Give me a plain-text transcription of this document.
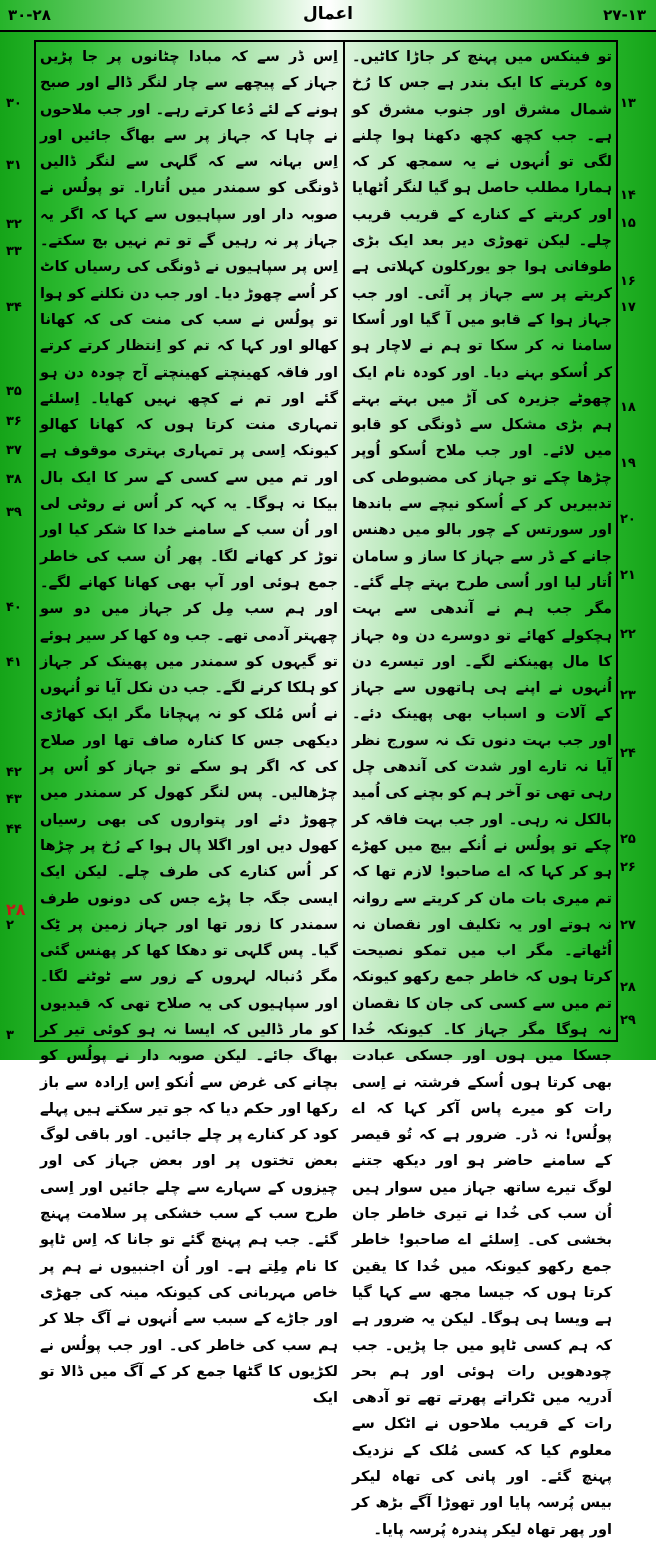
۳۰-۲۸	اعمال	۲۷-۱۳

اِس ڈر سے کہ مبادا چٹانوں پر جا پڑیں جہاز کے پیچھے سے چار لنگر ڈالے اور صبح ہونے کے لئے دُعا کرتے رہے۔ اور جب ملاحوں نے چاہا کہ جہاز پر سے بھاگ جائیں اور اِس بہانہ سے کہ گلہی سے لنگر ڈالیں ڈونگی کو سمندر میں اُتارا۔ تو پولُس نے صوبہ دار اور سپاہیوں سے کہا کہ اگر یہ جہاز پر نہ رہیں گے تو تم نہیں بچ سکتے۔ اِس پر سپاہیوں نے ڈونگی کی رسیاں کاٹ کر اُسے چھوڑ دیا۔ اور جب دن نکلنے کو ہوا تو پولُس نے سب کی منت کی کہ کھانا کھالو اور کہا کہ تم کو اِنتظار کرتے کرتے اور فاقہ کھینچتے کھینچتے آج چودہ دن ہو گئے اور تم نے کچھ نہیں کھایا۔ اِسلئے تمہاری منت کرتا ہوں کہ کھانا کھالو کیونکہ اِسی پر تمہاری بہتری موقوف ہے اور تم میں سے کسی کے سر کا ایک بال بیکا نہ ہوگا۔ یہ کہہ کر اُس نے روٹی لی اور اُن سب کے سامنے خدا کا شکر کیا اور توڑ کر کھانے لگا۔ پھر اُن سب کی خاطر جمع ہوئی اور آپ بھی کھانا کھانے لگے۔ اور ہم سب مِل کر جہاز میں دو سو چھہتر آدمی تھے۔ جب وہ کھا کر سیر ہوئے تو گیہوں کو سمندر میں پھینک کر جہاز کو ہلکا کرنے لگے۔ جب دن نکل آیا تو اُنہوں نے اُس مُلک کو نہ پہچانا مگر ایک کھاڑی دیکھی جس کا کنارہ صاف تھا اور صلاح کی کہ اگر ہو سکے تو جہاز کو اُس پر چڑھالیں۔ پس لنگر کھول کر سمندر میں چھوڑ دئے اور پتواروں کی بھی رسیاں کھول دیں اور اگلا پال ہوا کے رُخ پر چڑھا کر اُس کنارے کی طرف چلے۔ لیکن ایک ایسی جگہ جا پڑے جس کی دونوں طرف سمندر کا زور تھا اور جہاز زمین پر ٹِک گیا۔ پس گلہی تو دھکا کھا کر پھنس گئی مگر دُنبالہ لہروں کے زور سے ٹوٹنے لگا۔ اور سپاہیوں کی یہ صلاح تھی کہ قیدیوں کو مار ڈالیں کہ ایسا نہ ہو کوئی تیر کر بھاگ جائے۔ لیکن صوبہ دار نے پولُس کو بچانے کی غرض سے اُنکو اِس اِرادہ سے باز رکھا اور حکم دیا کہ جو تیر سکتے ہیں پہلے کود کر کنارے پر چلے جائیں۔ اور باقی لوگ بعض تختوں پر اور بعض جہاز کی اور چیزوں کے سہارے سے چلے جائیں اور اِسی طرح سب کے سب خشکی پر سلامت پہنچ گئے۔ جب ہم پہنچ گئے تو جانا کہ اِس ٹاپو کا نام مِلِتے ہے۔ اور اُن اجنبیوں نے ہم پر خاص مہربانی کی کیونکہ مینہ کی جھڑی اور جاڑے کے سبب سے اُنہوں نے آگ جلا کر ہم سب کی خاطر کی۔ اور جب پولُس نے لکڑیوں کا گٹھا جمع کر کے آگ میں ڈالا تو ایک

تو فینکس میں پہنچ کر جاڑا کاٹیں۔ وہ کریتے کا ایک بندر ہے جس کا رُخ شمال مشرق اور جنوب مشرق کو ہے۔ جب کچھ کچھ دکھنا ہوا چلنے لگی تو اُنہوں نے یہ سمجھ کر کہ ہمارا مطلب حاصل ہو گیا لنگر اُٹھایا اور کریتے کے کنارے کے قریب قریب چلے۔ لیکن تھوڑی دیر بعد ایک بڑی طوفانی ہوا جو یورکلون کہلاتی ہے کریتے پر سے جہاز پر آئی۔ اور جب جہاز ہوا کے قابو میں آ گیا اور اُسکا سامنا نہ کر سکا تو ہم نے لاچار ہو کر اُسکو بہنے دیا۔ اور کودہ نام ایک چھوٹے جزیرہ کی آڑ میں بہتے بہتے ہم بڑی مشکل سے ڈونگی کو قابو میں لائے۔ اور جب ملاح اُسکو اُوپر چڑھا چکے تو جہاز کی مضبوطی کی تدبیریں کر کے اُسکو نیچے سے باندھا اور سورتس کے چور بالو میں دھنس جانے کے ڈر سے جہاز کا ساز و سامان اُتار لیا اور اُسی طرح بہتے چلے گئے۔ مگر جب ہم نے آندھی سے بہت ہچکولے کھائے تو دوسرے دن وہ جہاز کا مال پھینکنے لگے۔ اور تیسرے دن اُنہوں نے اپنے ہی ہاتھوں سے جہاز کے آلات و اسباب بھی پھینک دئے۔ اور جب بہت دنوں تک نہ سورج نظر آیا نہ تارے اور شدت کی آندھی چل رہی تھی تو آخر ہم کو بچنے کی اُمید بالکل نہ رہی۔ اور جب بہت فاقہ کر چکے تو پولُس نے اُنکے بیچ میں کھڑے ہو کر کہا کہ اے صاحبو! لازم تھا کہ تم میری بات مان کر کریتے سے روانہ نہ ہوتے اور یہ تکلیف اور نقصان نہ اُٹھاتے۔ مگر اب میں تمکو نصیحت کرتا ہوں کہ خاطر جمع رکھو کیونکہ تم میں سے کسی کی جان کا نقصان نہ ہوگا مگر جہاز کا۔ کیونکہ خُدا جسکا میں ہوں اور جسکی عبادت بھی کرتا ہوں اُسکے فرشتہ نے اِسی رات کو میرے پاس آکر کہا کہ اے پولُس! نہ ڈر۔ ضرور ہے کہ تُو قیصر کے سامنے حاضر ہو اور دیکھ جتنے لوگ تیرے ساتھ جہاز میں سوار ہیں اُن سب کی خُدا نے تیری خاطر جان بخشی کی۔ اِسلئے اے صاحبو! خاطر جمع رکھو کیونکہ میں خُدا کا یقین کرتا ہوں کہ جیسا مجھ سے کہا گیا ہے ویسا ہی ہوگا۔ لیکن یہ ضرور ہے کہ ہم کسی ٹاپو میں جا پڑیں۔ جب چودھویں رات ہوئی اور ہم بحر اَدریہ میں ٹکراتے پھرتے تھے تو آدھی رات کے قریب ملاحوں نے اٹکل سے معلوم کیا کہ کسی مُلک کے نزدیک پہنچ گئے۔ اور پانی کی تھاہ لیکر بیس پُرسہ پایا اور تھوڑا آگے بڑھ کر اور پھر تھاہ لیکر پندرہ پُرسہ پایا۔

۳۰
۳۱
۳۲
۳۳
۳۴
۳۵
۳۶
۳۷
۳۸
۳۹
۴۰
۴۱
۴۲
۴۳
۴۴
۲۸
۲
۳
۱۳
۱۴
۱۵
۱۶
۱۷
۱۸
۱۹
۲۰
۲۱
۲۲
۲۳
۲۴
۲۵
۲۶
۲۷
۲۸
۲۹
